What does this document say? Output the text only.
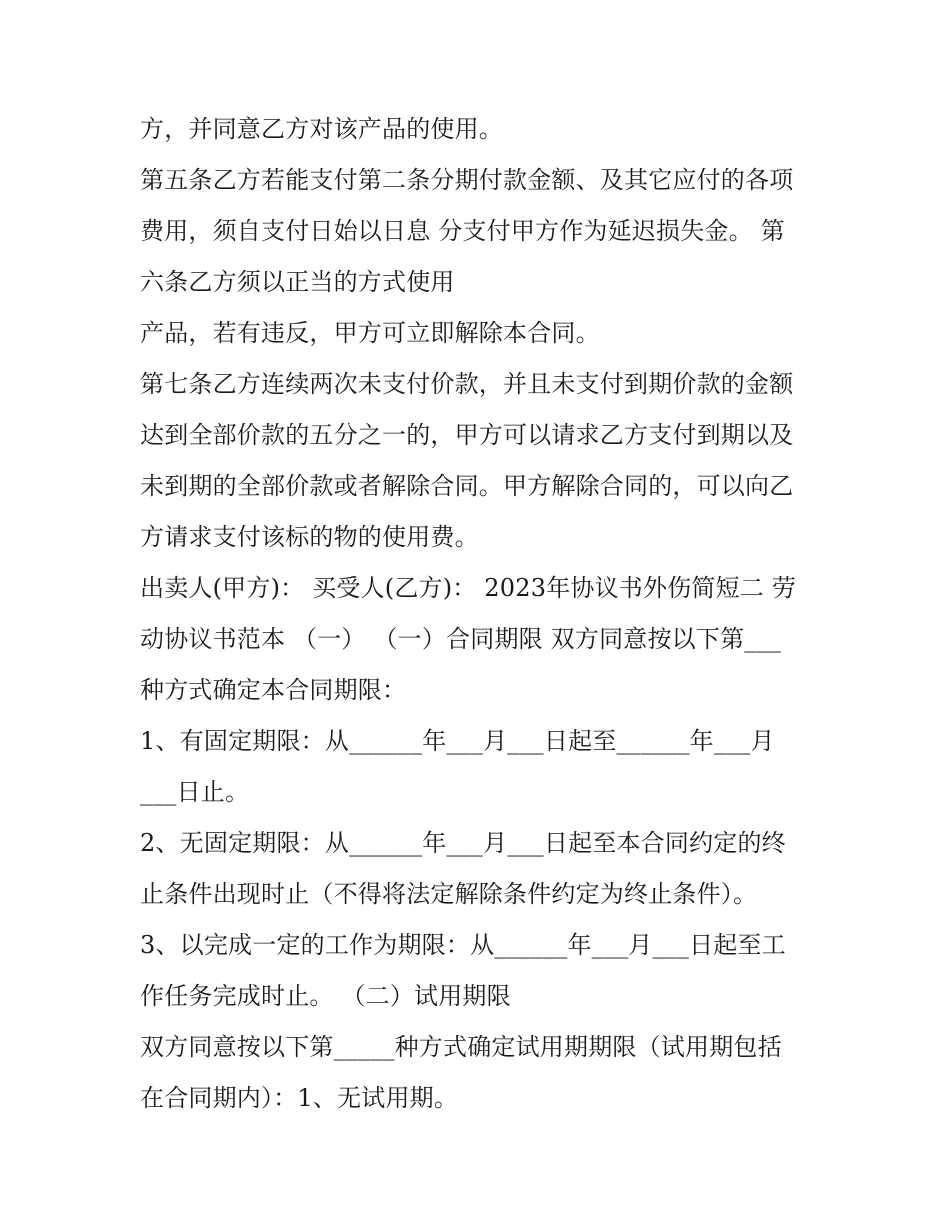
方，并同意乙方对该产品的使用。
第五条乙方若能支付第二条分期付款金额、及其它应付的各项
费用，须自支付日始以日息 分支付甲方作为延迟损失金。 第
六条乙方须以正当的方式使用
产品，若有违反，甲方可立即解除本合同。
第七条乙方连续两次未支付价款，并且未支付到期价款的金额
达到全部价款的五分之一的，甲方可以请求乙方支付到期以及
未到期的全部价款或者解除合同。甲方解除合同的，可以向乙
方请求支付该标的物的使用费。
出卖人(甲方)： 买受人(乙方)： 2023年协议书外伤简短二 劳
动协议书范本 （一） （一）合同期限 双方同意按以下第___
种方式确定本合同期限：
1、有固定期限：从______年___月___日起至______年___月
___日止。
2、无固定期限：从______年___月___日起至本合同约定的终
止条件出现时止（不得将法定解除条件约定为终止条件）。
3、以完成一定的工作为期限：从______年___月___日起至工
作任务完成时止。 （二）试用期限
双方同意按以下第_____种方式确定试用期期限（试用期包括
在合同期内）：1、无试用期。
